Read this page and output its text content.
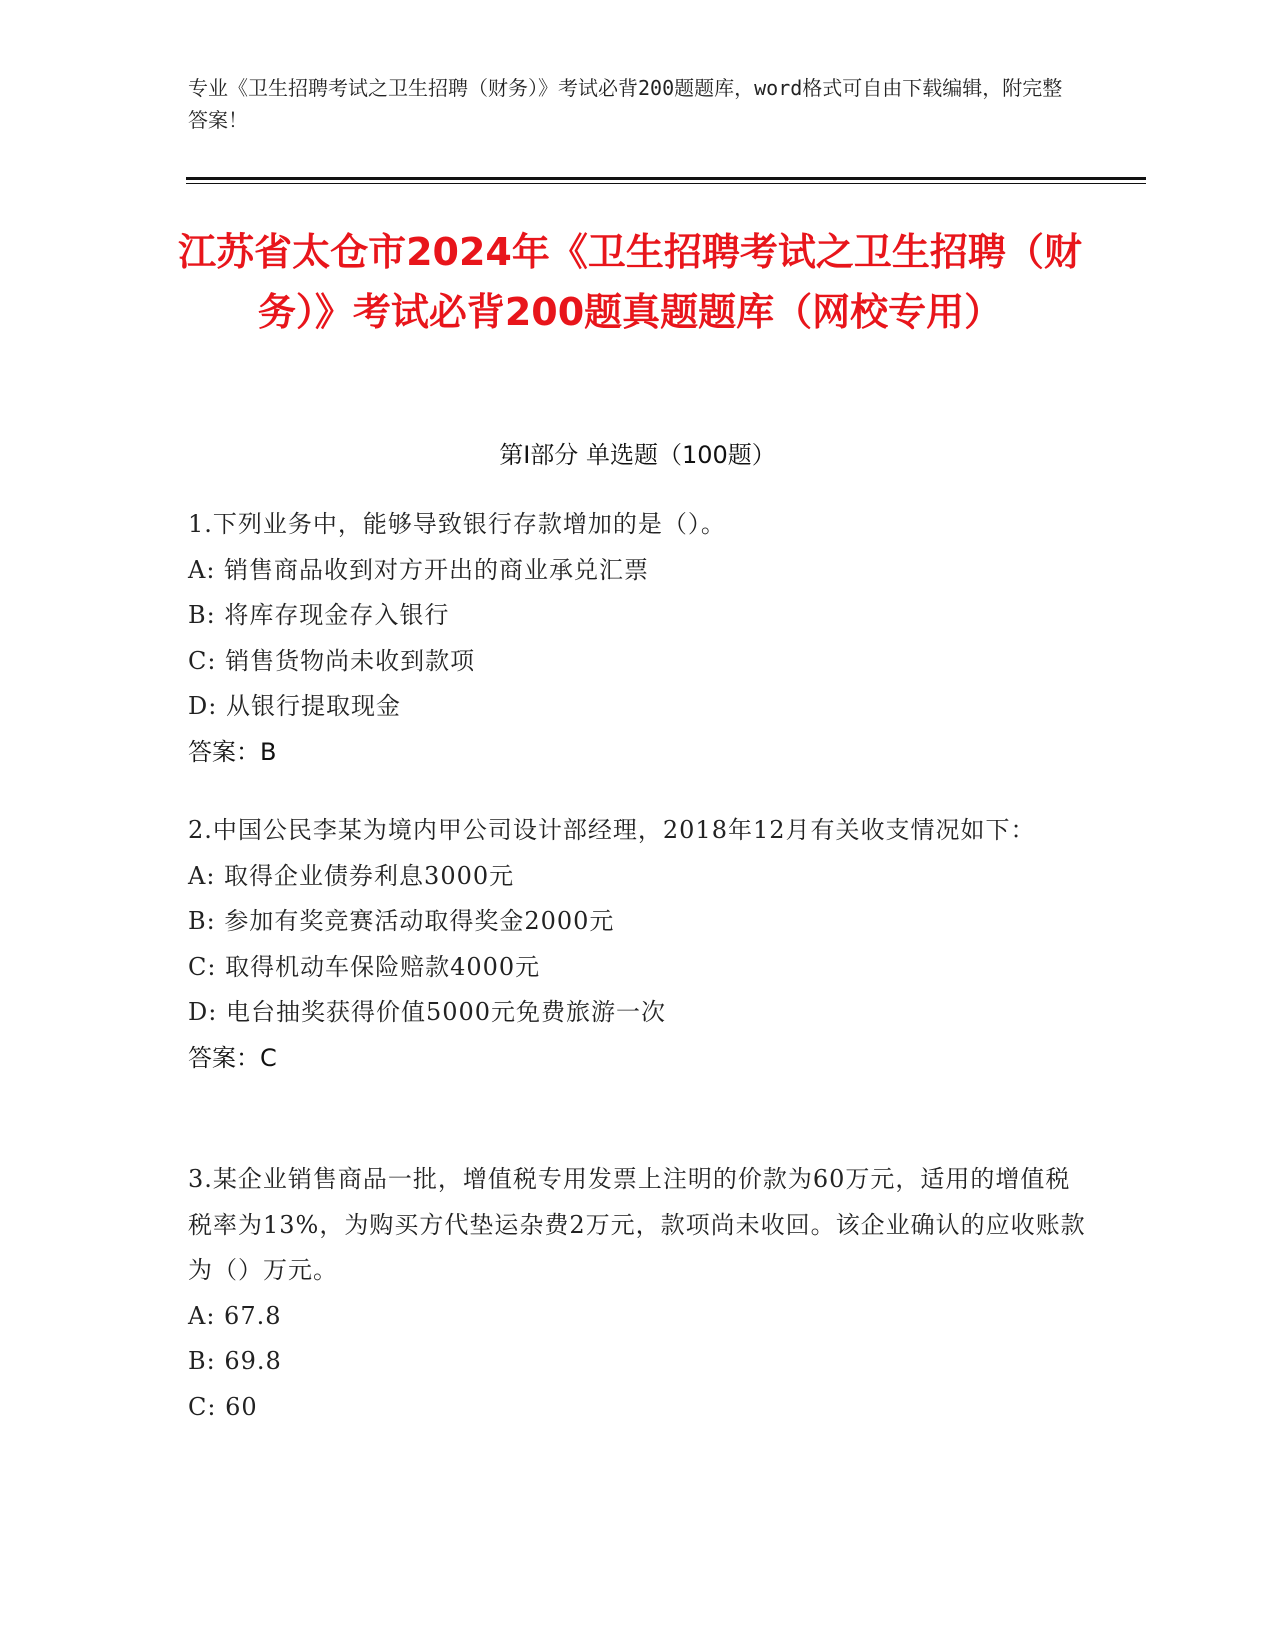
专业《卫生招聘考试之卫生招聘（财务）》考试必背200题题库，word格式可自由下载编辑，附完整答案！
江苏省太仓市2024年《卫生招聘考试之卫生招聘（财务）》考试必背200题真题题库（网校专用）
第I部分 单选题（100题）

1.下列业务中，能够导致银行存款增加的是（）。

A: 销售商品收到对方开出的商业承兑汇票

B: 将库存现金存入银行

C: 销售货物尚未收到款项

D: 从银行提取现金

答案：B

2.中国公民李某为境内甲公司设计部经理，2018年12月有关收支情况如下：

A: 取得企业债券利息3000元

B: 参加有奖竞赛活动取得奖金2000元

C: 取得机动车保险赔款4000元

D: 电台抽奖获得价值5000元免费旅游一次

答案：C

3.某企业销售商品一批，增值税专用发票上注明的价款为60万元，适用的增值税税率为13%，为购买方代垫运杂费2万元，款项尚未收回。该企业确认的应收账款为（）万元。

A: 67.8

B: 69.8

C: 60
